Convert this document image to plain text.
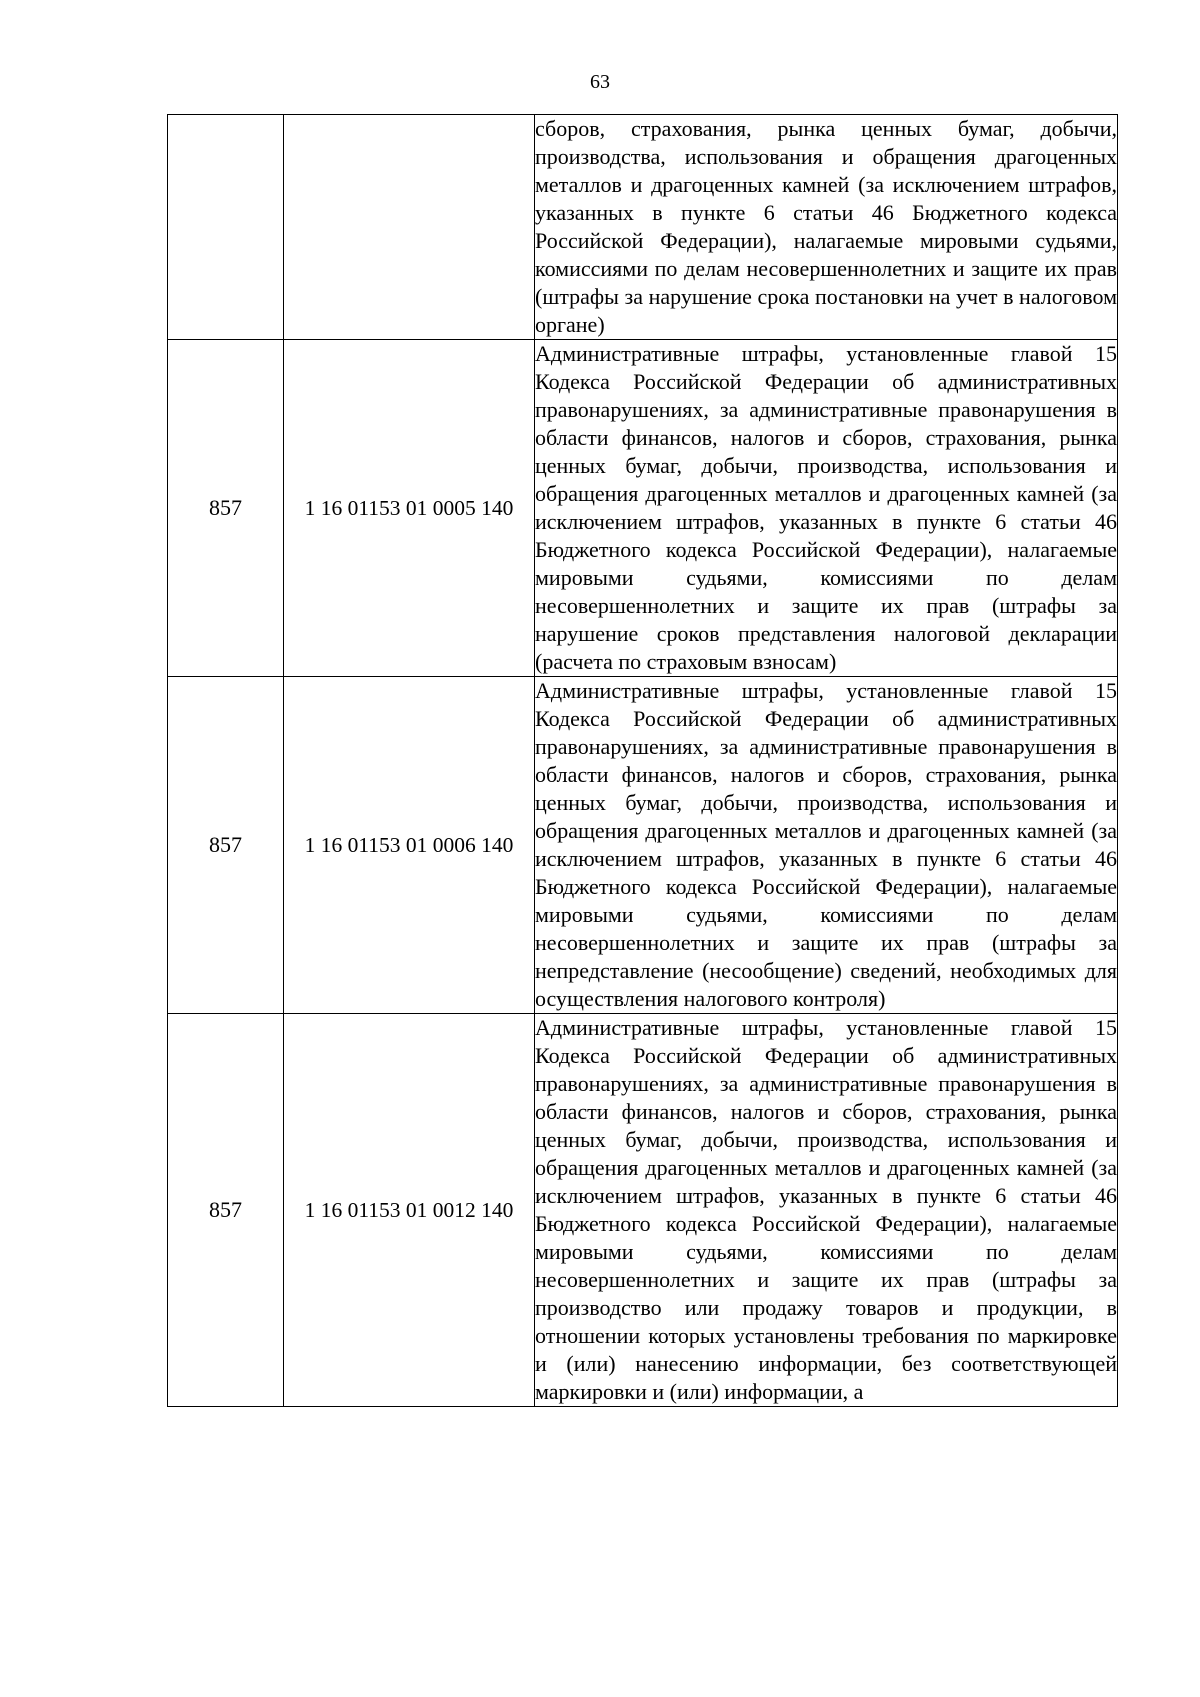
63

		сборов, страхования, рынка ценных бумаг, добычи, производства, использования и обращения драгоценных металлов и драгоценных камней (за исключением штрафов, указанных в пункте 6 статьи 46 Бюджетного кодекса Российской Федерации), налагаемые мировыми судьями, комиссиями по делам несовершеннолетних и защите их прав (штрафы за нарушение срока постановки на учет в налоговом органе)

857	1 16 01153 01 0005 140	Административные штрафы, установленные главой 15 Кодекса Российской Федерации об административных правонарушениях, за административные правонарушения в области финансов, налогов и сборов, страхования, рынка ценных бумаг, добычи, производства, использования и обращения драгоценных металлов и драгоценных камней (за исключением штрафов, указанных в пункте 6 статьи 46 Бюджетного кодекса Российской Федерации), налагаемые мировыми судьями, комиссиями по делам несовершеннолетних и защите их прав (штрафы за нарушение сроков представления налоговой декларации (расчета по страховым взносам)

857	1 16 01153 01 0006 140	Административные штрафы, установленные главой 15 Кодекса Российской Федерации об административных правонарушениях, за административные правонарушения в области финансов, налогов и сборов, страхования, рынка ценных бумаг, добычи, производства, использования и обращения драгоценных металлов и драгоценных камней (за исключением штрафов, указанных в пункте 6 статьи 46 Бюджетного кодекса Российской Федерации), налагаемые мировыми судьями, комиссиями по делам несовершеннолетних и защите их прав (штрафы за непредставление (несообщение) сведений, необходимых для осуществления налогового контроля)

857	1 16 01153 01 0012 140	Административные штрафы, установленные главой 15 Кодекса Российской Федерации об административных правонарушениях, за административные правонарушения в области финансов, налогов и сборов, страхования, рынка ценных бумаг, добычи, производства, использования и обращения драгоценных металлов и драгоценных камней (за исключением штрафов, указанных в пункте 6 статьи 46 Бюджетного кодекса Российской Федерации), налагаемые мировыми судьями, комиссиями по делам несовершеннолетних и защите их прав (штрафы за производство или продажу товаров и продукции, в отношении которых установлены требования по маркировке и (или) нанесению информации, без соответствующей маркировки и (или) информации, а
